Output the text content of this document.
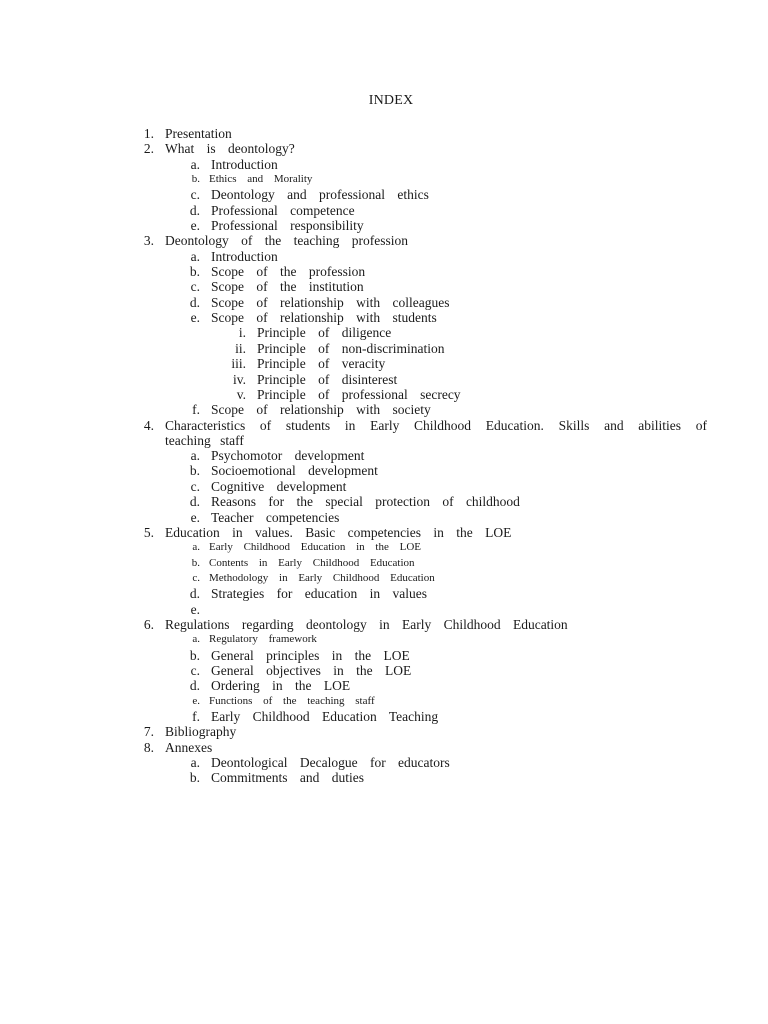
INDEX
1. Presentation
2. What is deontology?
a. Introduction
b. Ethics and Morality
c. Deontology and professional ethics
d. Professional competence
e. Professional responsibility
3. Deontology of the teaching profession
a. Introduction
b. Scope of the profession
c. Scope of the institution
d. Scope of relationship with colleagues
e. Scope of relationship with students
i. Principle of diligence
ii. Principle of non-discrimination
iii. Principle of veracity
iv. Principle of disinterest
v. Principle of professional secrecy
f. Scope of relationship with society
4. Characteristics of students in Early Childhood Education. Skills and abilities of teaching staff
a. Psychomotor development
b. Socioemotional development
c. Cognitive development
d. Reasons for the special protection of childhood
e. Teacher competencies
5. Education in values. Basic competencies in the LOE
a. Early Childhood Education in the LOE
b. Contents in Early Childhood Education
c. Methodology in Early Childhood Education
d. Strategies for education in values
e.
6. Regulations regarding deontology in Early Childhood Education
a. Regulatory framework
b. General principles in the LOE
c. General objectives in the LOE
d. Ordering in the LOE
e. Functions of the teaching staff
f. Early Childhood Education Teaching
7. Bibliography
8. Annexes
a. Deontological Decalogue for educators
b. Commitments and duties
